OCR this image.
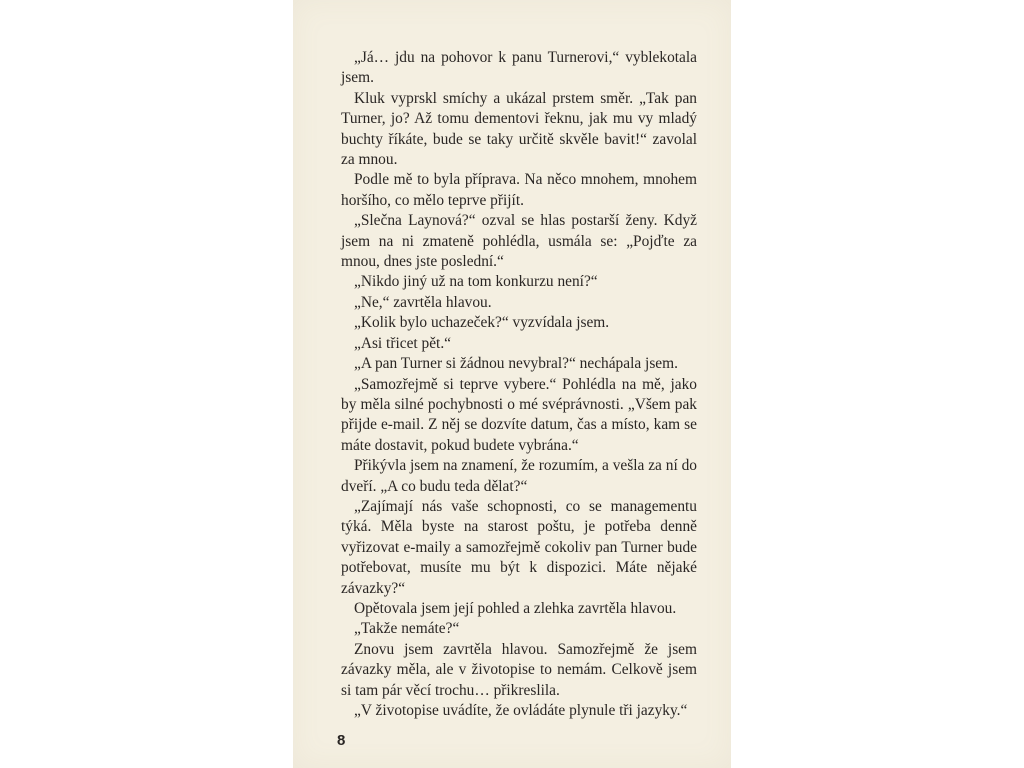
„Já… jdu na pohovor k panu Turnerovi,“ vyblekotala jsem.

Kluk vyprskl smíchy a ukázal prstem směr. „Tak pan Turner, jo? Až tomu dementovi řeknu, jak mu vy mladý buchty říkáte, bude se taky určitě skvěle bavit!“ zavolal za mnou.

Podle mě to byla příprava. Na něco mnohem, mnohem horšího, co mělo teprve přijít.

„Slečna Laynová?“ ozval se hlas postarší ženy. Když jsem na ni zmateně pohlédla, usmála se: „Pojďte za mnou, dnes jste poslední.“

„Nikdo jiný už na tom konkurzu není?“

„Ne,“ zavrtěla hlavou.

„Kolik bylo uchazeček?“ vyzvídala jsem.

„Asi třicet pět.“

„A pan Turner si žádnou nevybral?“ nechápala jsem.

„Samozřejmě si teprve vybere.“ Pohlédla na mě, jako by měla silné pochybnosti o mé svéprávnosti. „Všem pak přijde e-mail. Z něj se dozvíte datum, čas a místo, kam se máte dostavit, pokud budete vybrána.“

Přikývla jsem na znamení, že rozumím, a vešla za ní do dveří. „A co budu teda dělat?“

„Zajímají nás vaše schopnosti, co se managementu týká. Měla byste na starost poštu, je potřeba denně vyřizovat e-maily a samozřejmě cokoliv pan Turner bude potřebovat, musíte mu být k dispozici. Máte nějaké závazky?“

Opětovala jsem její pohled a zlehka zavrtěla hlavou.

„Takže nemáte?“

Znovu jsem zavrtěla hlavou. Samozřejmě že jsem závazky měla, ale v životopise to nemám. Celkově jsem si tam pár věcí trochu… přikreslila.

„V životopise uvádíte, že ovládáte plynule tři jazyky.“

8
